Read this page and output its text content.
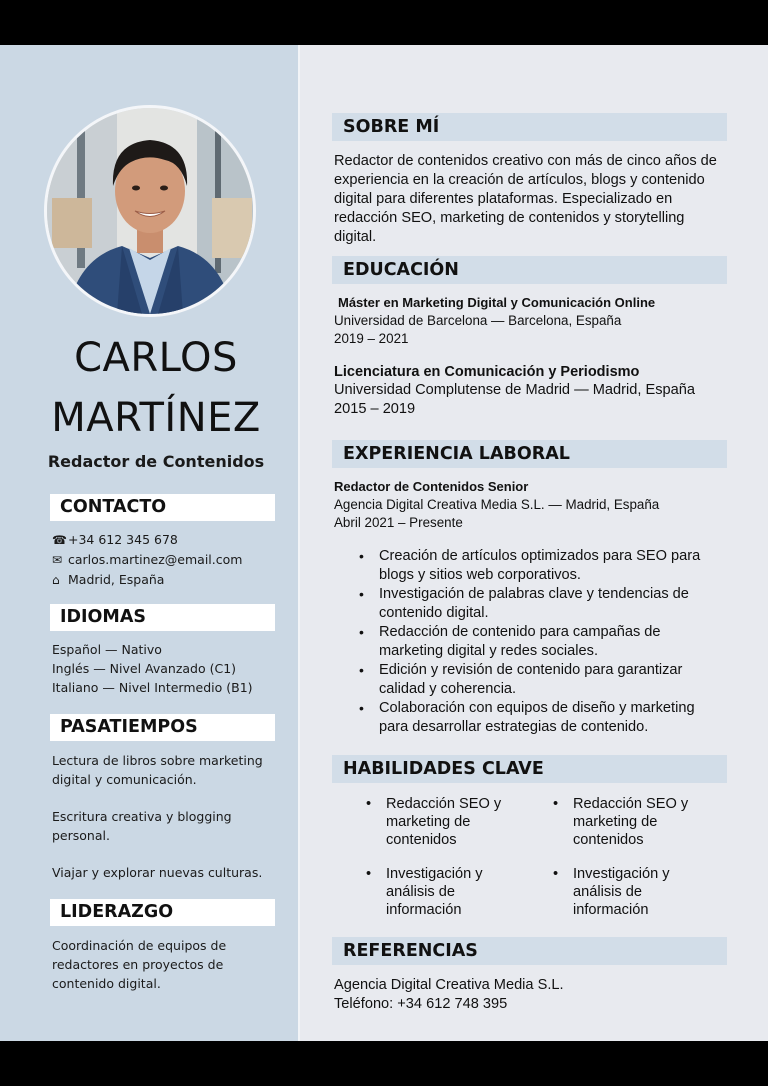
CARLOS
MARTÍNEZ
Redactor de Contenidos
CONTACTO
☎+34 612 345 678
✉ carlos.martinez@email.com
⌂ Madrid, España
IDIOMAS
Español — Nativo
Inglés — Nivel Avanzado (C1)
Italiano — Nivel Intermedio (B1)
PASATIEMPOS
Lectura de libros sobre marketing digital y comunicación.
Escritura creativa y blogging personal.
Viajar y explorar nuevas culturas.
LIDERAZGO
Coordinación de equipos de redactores en proyectos de contenido digital.
SOBRE MÍ
Redactor de contenidos creativo con más de cinco años de experiencia en la creación de artículos, blogs y contenido digital para diferentes plataformas. Especializado en redacción SEO, marketing de contenidos y storytelling digital.
EDUCACIÓN
Máster en Marketing Digital y Comunicación Online
Universidad de Barcelona — Barcelona, España
2019 – 2021
Licenciatura en Comunicación y Periodismo
Universidad Complutense de Madrid — Madrid, España
2015 – 2019
EXPERIENCIA LABORAL
Redactor de Contenidos Senior
Agencia Digital Creativa Media S.L. — Madrid, España
Abril 2021 – Presente
• Creación de artículos optimizados para SEO para blogs y sitios web corporativos.
• Investigación de palabras clave y tendencias de contenido digital.
• Redacción de contenido para campañas de marketing digital y redes sociales.
• Edición y revisión de contenido para garantizar calidad y coherencia.
• Colaboración con equipos de diseño y marketing para desarrollar estrategias de contenido.
HABILIDADES CLAVE
• Redacción SEO y marketing de contenidos
• Redacción SEO y marketing de contenidos
• Investigación y análisis de información
• Investigación y análisis de información
REFERENCIAS
Agencia Digital Creativa Media S.L.
Teléfono: +34 612 748 395
